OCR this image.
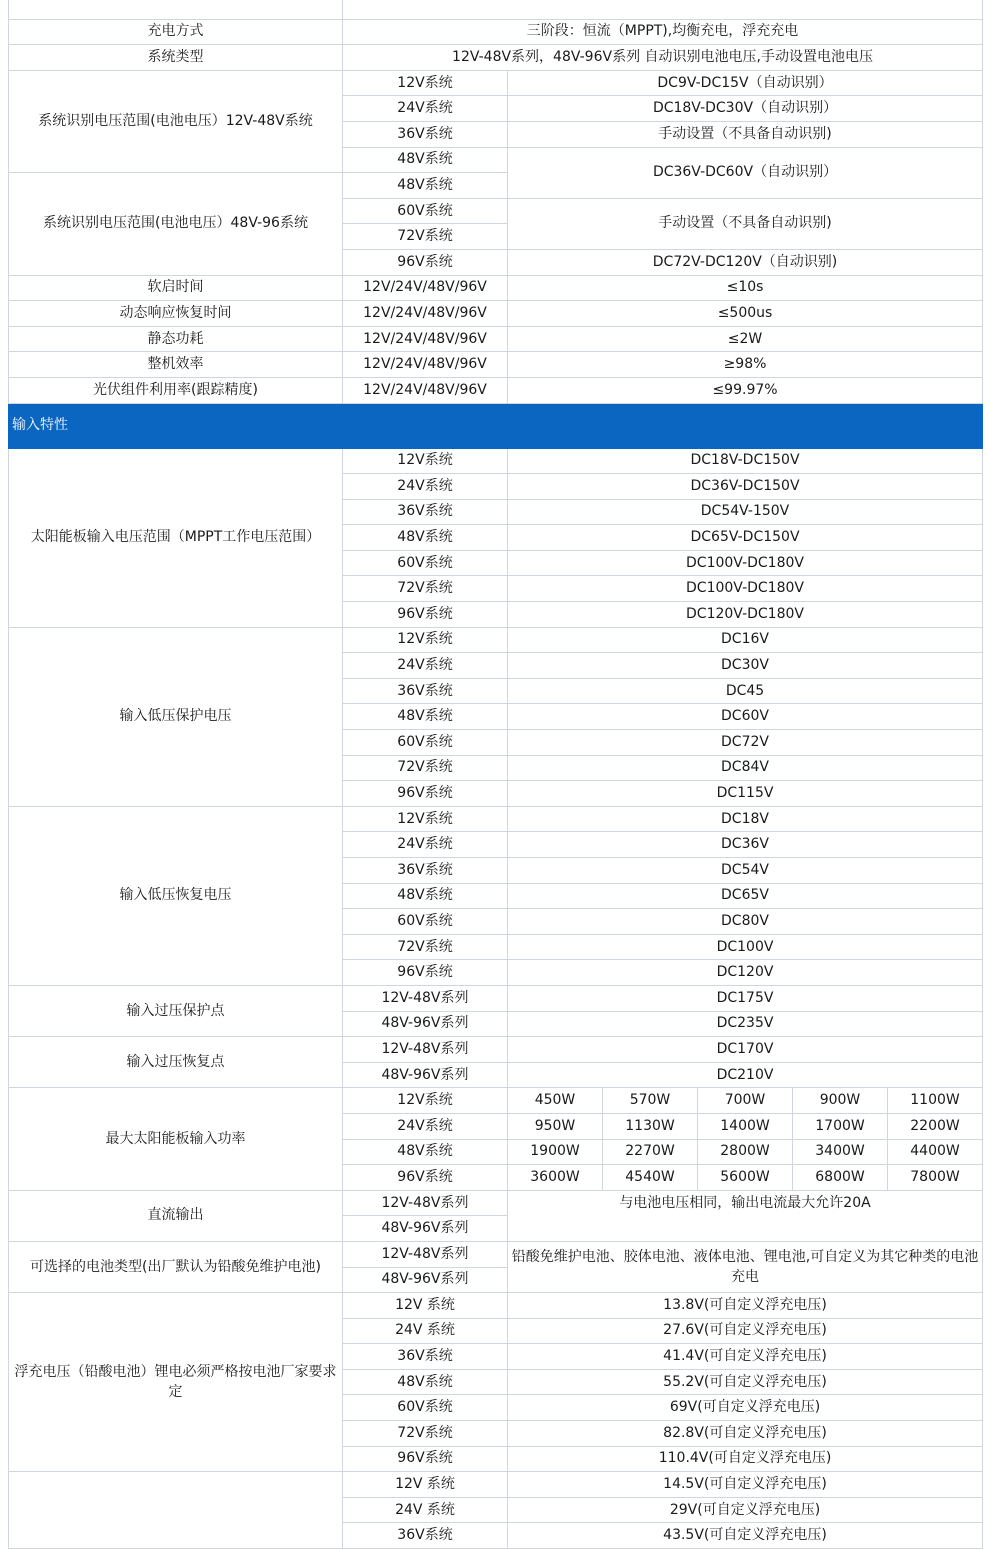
充电方式	三阶段：恒流（MPPT),均衡充电，浮充充电					
系统类型	12V-48V系列，48V-96V系列 自动识别电池电压,手动设置电池电压					
系统识别电压范围(电池电压）12V-48V系统	12V系统	DC9V-DC15V（自动识别）				
	24V系统	DC18V-DC30V（自动识别）				
	36V系统	手动设置（不具备自动识别)				
	48V系统	DC36V-DC60V（自动识别）				
系统识别电压范围(电池电压）48V-96系统	48V系统					
	60V系统	手动设置（不具备自动识别)				
	72V系统					
	96V系统	DC72V-DC120V（自动识别)				
软启时间	12V/24V/48V/96V	≤10s				
动态响应恢复时间	12V/24V/48V/96V	≤500us				
静态功耗	12V/24V/48V/96V	≤2W				
整机效率	12V/24V/48V/96V	≥98%				
光伏组件利用率(跟踪精度)	12V/24V/48V/96V	≤99.97%				
输入特性						
太阳能板输入电压范围（MPPT工作电压范围）	12V系统	DC18V-DC150V				
	24V系统	DC36V-DC150V				
	36V系统	DC54V-150V				
	48V系统	DC65V-DC150V				
	60V系统	DC100V-DC180V				
	72V系统	DC100V-DC180V				
	96V系统	DC120V-DC180V				
输入低压保护电压	12V系统	DC16V				
	24V系统	DC30V				
	36V系统	DC45				
	48V系统	DC60V				
	60V系统	DC72V				
	72V系统	DC84V				
	96V系统	DC115V				
输入低压恢复电压	12V系统	DC18V				
	24V系统	DC36V				
	36V系统	DC54V				
	48V系统	DC65V				
	60V系统	DC80V				
	72V系统	DC100V				
	96V系统	DC120V				
输入过压保护点	12V-48V系列	DC175V				
	48V-96V系列	DC235V				
输入过压恢复点	12V-48V系列	DC170V				
	48V-96V系列	DC210V				
最大太阳能板输入功率	12V系统	450W	570W	700W	900W	1100W
	24V系统	950W	1130W	1400W	1700W	2200W
	48V系统	1900W	2270W	2800W	3400W	4400W
	96V系统	3600W	4540W	5600W	6800W	7800W
直流输出	12V-48V系列	与电池电压相同，输出电流最大允许20A				
	48V-96V系列					
可选择的电池类型(出厂默认为铅酸免维护电池)	12V-48V系列	铅酸免维护电池、胶体电池、液体电池、锂电池,可自定义为其它种类的电池充电				
	48V-96V系列					
浮充电压（铅酸电池）锂电必须严格按电池厂家要求定	12V 系统	13.8V(可自定义浮充电压)				
	24V 系统	27.6V(可自定义浮充电压)				
	36V系统	41.4V(可自定义浮充电压)				
	48V系统	55.2V(可自定义浮充电压)				
	60V系统	69V(可自定义浮充电压)				
	72V系统	82.8V(可自定义浮充电压)				
	96V系统	110.4V(可自定义浮充电压)				
	12V 系统	14.5V(可自定义浮充电压)				
	24V 系统	29V(可自定义浮充电压)				
	36V系统	43.5V(可自定义浮充电压)				
